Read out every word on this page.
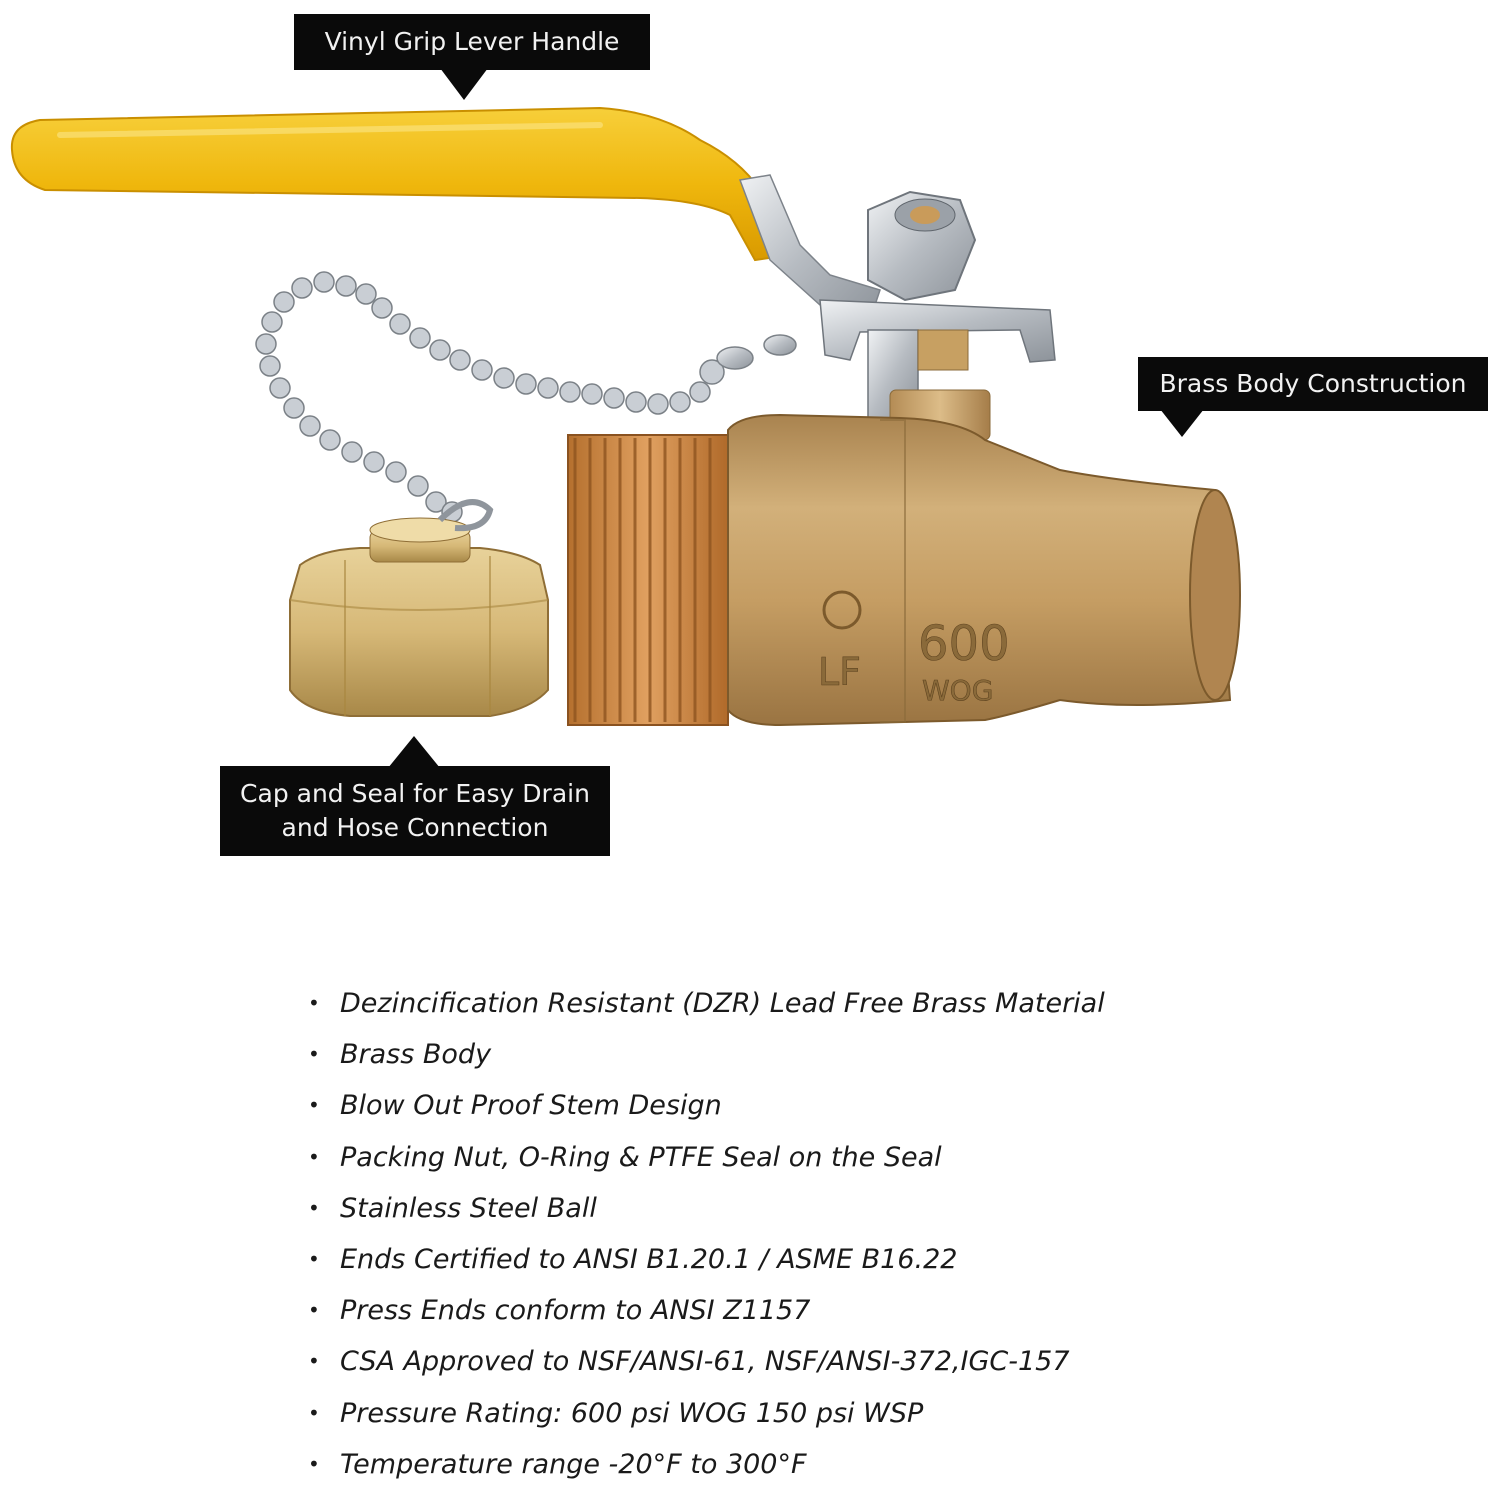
LF 600
WOG
Vinyl Grip Lever Handle
Brass Body Construction
Cap and Seal for Easy Drain
and Hose Connection
• Dezincification Resistant (DZR) Lead Free Brass Material
• Brass Body
• Blow Out Proof Stem Design
• Packing Nut, O-Ring & PTFE Seal on the Seal
• Stainless Steel Ball
• Ends Certified to ANSI B1.20.1 / ASME B16.22
• Press Ends conform to ANSI Z1157
• CSA Approved to NSF/ANSI-61, NSF/ANSI-372,IGC-157
• Pressure Rating: 600 psi WOG 150 psi WSP
• Temperature range -20°F to 300°F
